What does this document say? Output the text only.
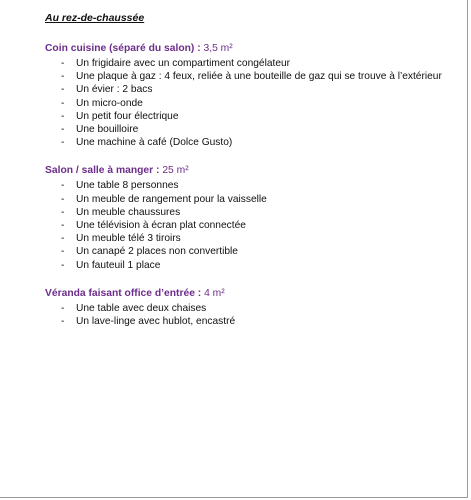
Au rez-de-chaussée
Coin cuisine (séparé du salon) : 3,5 m²
- Un frigidaire avec un compartiment congélateur
- Une plaque à gaz : 4 feux, reliée à une bouteille de gaz qui se trouve à l’extérieur
- Un évier : 2 bacs
- Un micro-onde
- Un petit four électrique
- Une bouilloire
- Une machine à café (Dolce Gusto)
Salon / salle à manger : 25 m²
- Une table 8 personnes
- Un meuble de rangement pour la vaisselle
- Un meuble chaussures
- Une télévision à écran plat connectée
- Un meuble télé 3 tiroirs
- Un canapé 2 places non convertible
- Un fauteuil 1 place
Véranda faisant office d’entrée : 4 m²
- Une table avec deux chaises
- Un lave-linge avec hublot, encastré
